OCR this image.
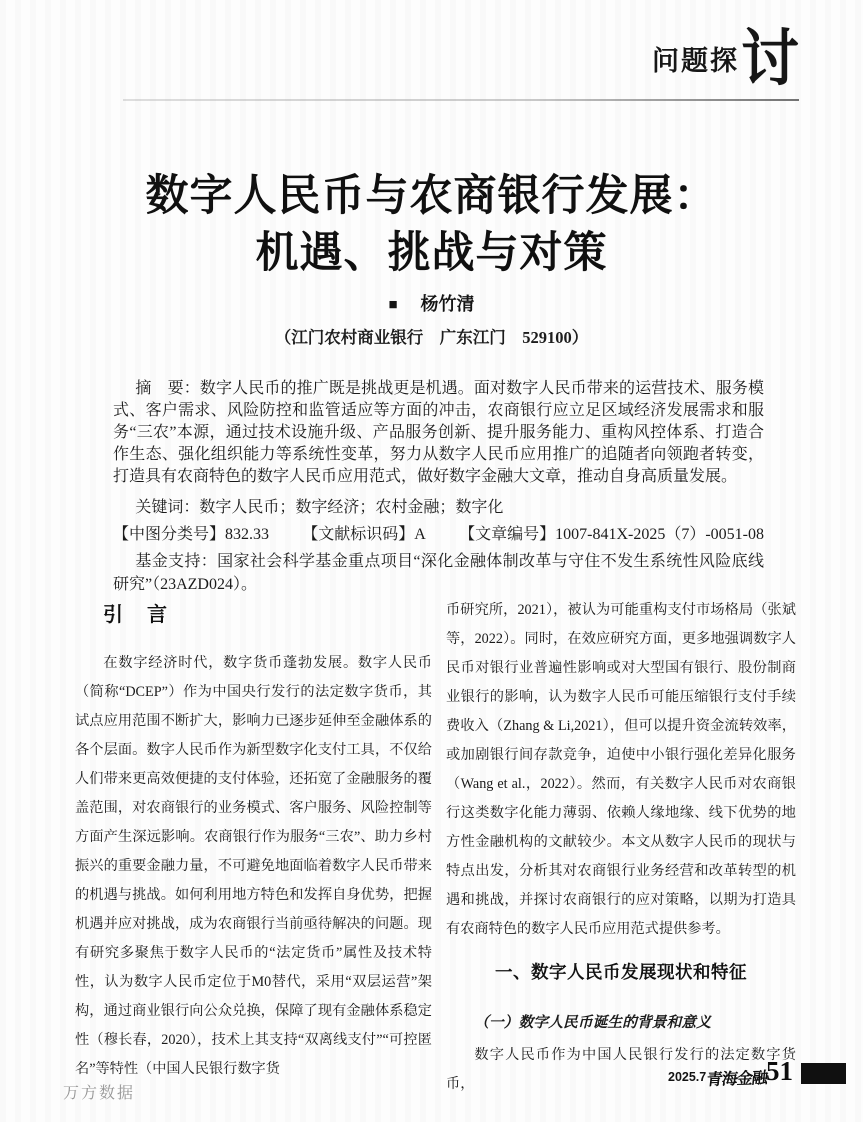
问题探 讨
数字人民币与农商银行发展：
机遇、挑战与对策
■ 杨竹清
（江门农村商业银行　广东江门　529100）

摘　要：数字人民币的推广既是挑战更是机遇。面对数字人民币带来的运营技术、服务模式、客户需求、风险防控和监管适应等方面的冲击，农商银行应立足区域经济发展需求和服务“三农”本源，通过技术设施升级、产品服务创新、提升服务能力、重构风控体系、打造合作生态、强化组织能力等系统性变革，努力从数字人民币应用推广的追随者向领跑者转变，打造具有农商特色的数字人民币应用范式，做好数字金融大文章，推动自身高质量发展。

关键词：数字人民币；数字经济；农村金融；数字化

【中图分类号】832.33 【文献标识码】A 【文章编号】1007-841X-2025（7）-0051-08

基金支持：国家社会科学基金重点项目“深化金融体制改革与守住不发生系统性风险底线研究”（23AZD024）。

引　言

在数字经济时代，数字货币蓬勃发展。数字人民币（简称“DCEP”）作为中国央行发行的法定数字货币，其试点应用范围不断扩大，影响力已逐步延伸至金融体系的各个层面。数字人民币作为新型数字化支付工具，不仅给人们带来更高效便捷的支付体验，还拓宽了金融服务的覆盖范围，对农商银行的业务模式、客户服务、风险控制等方面产生深远影响。农商银行作为服务“三农”、助力乡村振兴的重要金融力量，不可避免地面临着数字人民币带来的机遇与挑战。如何利用地方特色和发挥自身优势，把握机遇并应对挑战，成为农商银行当前亟待解决的问题。现有研究多聚焦于数字人民币的“法定货币”属性及技术特性，认为数字人民币定位于M0替代，采用“双层运营”架构，通过商业银行向公众兑换，保障了现有金融体系稳定性（穆长春，2020），技术上其支持“双离线支付”“可控匿名”等特性（中国人民银行数字货

币研究所，2021），被认为可能重构支付市场格局（张斌等，2022）。同时，在效应研究方面，更多地强调数字人民币对银行业普遍性影响或对大型国有银行、股份制商业银行的影响，认为数字人民币可能压缩银行支付手续费收入（Zhang & Li,2021），但可以提升资金流转效率，或加剧银行间存款竞争，迫使中小银行强化差异化服务（Wang et al.，2022）。然而，有关数字人民币对农商银行这类数字化能力薄弱、依赖人缘地缘、线下优势的地方性金融机构的文献较少。本文从数字人民币的现状与特点出发，分析其对农商银行业务经营和改革转型的机遇和挑战，并探讨农商银行的应对策略，以期为打造具有农商特色的数字人民币应用范式提供参考。

一、数字人民币发展现状和特征

（一）数字人民币诞生的背景和意义

数字人民币作为中国人民银行发行的法定数字货币，

万方数据
2025.7 青海金融
51
